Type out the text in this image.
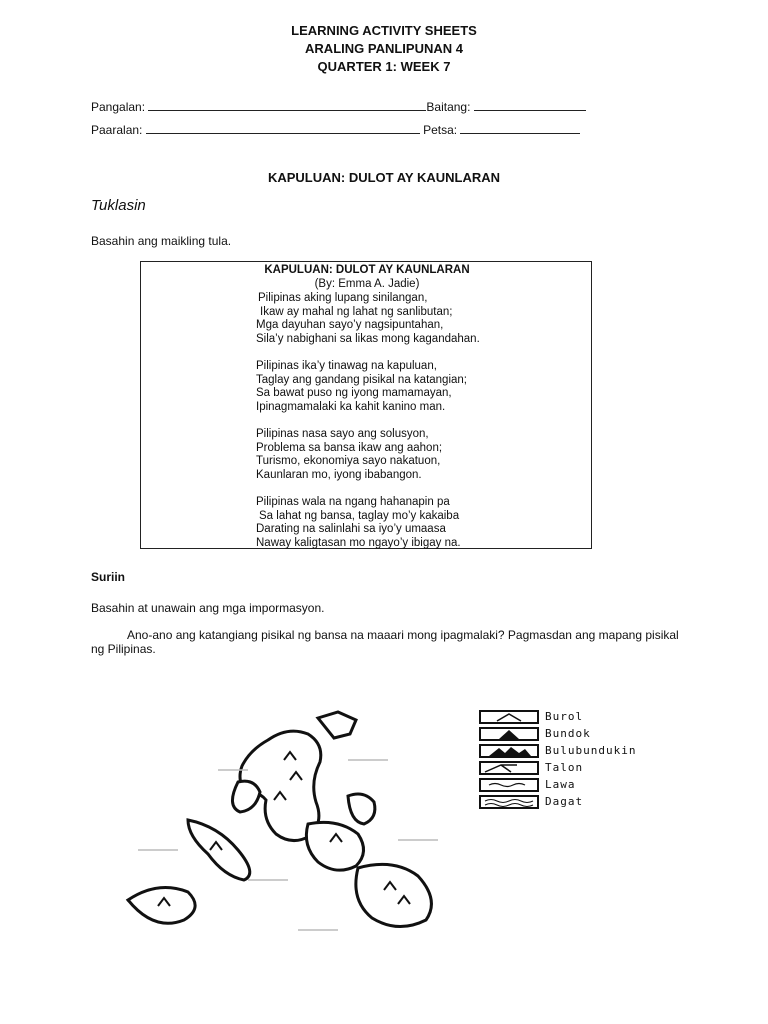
LEARNING ACTIVITY SHEETS
ARALING PANLIPUNAN 4
QUARTER 1: WEEK 7
Pangalan:	Baitang:
Paaralan:	Petsa:
KAPULUAN: DULOT AY KAUNLARAN
Tuklasin
Basahin ang maikling tula.
KAPULUAN: DULOT AY KAUNLARAN
(By: Emma A. Jadie)
Pilipinas aking lupang sinilangan,
Ikaw ay mahal ng lahat ng sanlibutan;
Mga dayuhan sayo’y nagsipuntahan,
Sila’y nabighani sa likas mong kagandahan.
Pilipinas ika’y tinawag na kapuluan,
Taglay ang gandang pisikal na katangian;
Sa bawat puso ng iyong mamamayan,
Ipinagmamalaki ka kahit kanino man.
Pilipinas nasa sayo ang solusyon,
Problema sa bansa ikaw ang aahon;
Turismo, ekonomiya sayo nakatuon,
Kaunlaran mo, iyong ibabangon.
Pilipinas wala na ngang hahanapin pa
Sa lahat ng bansa, taglay mo’y kakaiba
Darating na salinlahi sa iyo’y umaasa
Naway kaligtasan mo ngayo’y ibigay na.
Suriin
Basahin at unawain ang mga impormasyon.
Ano-ano ang katangiang pisikal ng bansa na maaari mong ipagmalaki? Pagmasdan ang mapang pisikal ng Pilipinas.
Burol
Bundok
Bulubundukin
Talon
Lawa
Dagat
